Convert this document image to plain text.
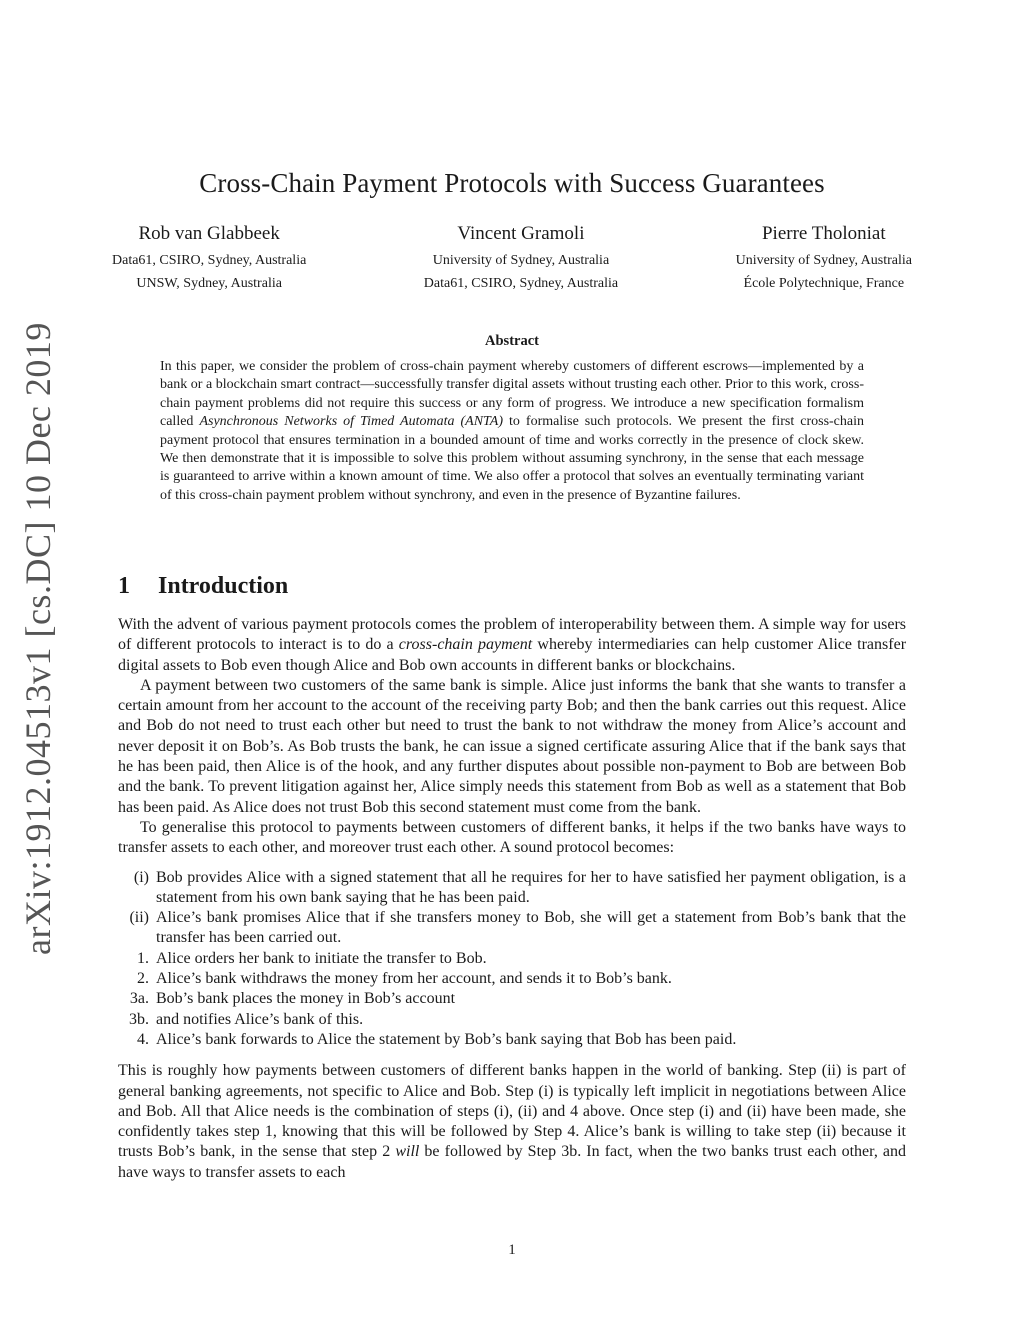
arXiv:1912.04513v1 [cs.DC] 10 Dec 2019
Cross-Chain Payment Protocols with Success Guarantees
Rob van Glabbeek
Data61, CSIRO, Sydney, Australia
UNSW, Sydney, Australia
Vincent Gramoli
University of Sydney, Australia
Data61, CSIRO, Sydney, Australia
Pierre Tholoniat
University of Sydney, Australia
École Polytechnique, France
Abstract
In this paper, we consider the problem of cross-chain payment whereby customers of different escrows—implemented by a bank or a blockchain smart contract—successfully transfer digital assets without trusting each other. Prior to this work, cross-chain payment problems did not require this success or any form of progress. We introduce a new specification formalism called Asynchronous Networks of Timed Automata (ANTA) to formalise such protocols. We present the first cross-chain payment protocol that ensures termination in a bounded amount of time and works correctly in the presence of clock skew. We then demonstrate that it is impossible to solve this problem without assuming synchrony, in the sense that each message is guaranteed to arrive within a known amount of time. We also offer a protocol that solves an eventually terminating variant of this cross-chain payment problem without synchrony, and even in the presence of Byzantine failures.
1	Introduction

With the advent of various payment protocols comes the problem of interoperability between them. A simple way for users of different protocols to interact is to do a cross-chain payment whereby intermediaries can help customer Alice transfer digital assets to Bob even though Alice and Bob own accounts in different banks or blockchains.

A payment between two customers of the same bank is simple. Alice just informs the bank that she wants to transfer a certain amount from her account to the account of the receiving party Bob; and then the bank carries out this request. Alice and Bob do not need to trust each other but need to trust the bank to not withdraw the money from Alice’s account and never deposit it on Bob’s. As Bob trusts the bank, he can issue a signed certificate assuring Alice that if the bank says that he has been paid, then Alice is of the hook, and any further disputes about possible non-payment to Bob are between Bob and the bank. To prevent litigation against her, Alice simply needs this statement from Bob as well as a statement that Bob has been paid. As Alice does not trust Bob this second statement must come from the bank.

To generalise this protocol to payments between customers of different banks, it helps if the two banks have ways to transfer assets to each other, and moreover trust each other. A sound protocol becomes:

(i) Bob provides Alice with a signed statement that all he requires for her to have satisfied her payment obligation, is a statement from his own bank saying that he has been paid.
(ii) Alice’s bank promises Alice that if she transfers money to Bob, she will get a statement from Bob’s bank that the transfer has been carried out.
1. Alice orders her bank to initiate the transfer to Bob.
2. Alice’s bank withdraws the money from her account, and sends it to Bob’s bank.
3a. Bob’s bank places the money in Bob’s account
3b. and notifies Alice’s bank of this.
4. Alice’s bank forwards to Alice the statement by Bob’s bank saying that Bob has been paid.

This is roughly how payments between customers of different banks happen in the world of banking. Step (ii) is part of general banking agreements, not specific to Alice and Bob. Step (i) is typically left implicit in negotiations between Alice and Bob. All that Alice needs is the combination of steps (i), (ii) and 4 above. Once step (i) and (ii) have been made, she confidently takes step 1, knowing that this will be followed by Step 4. Alice’s bank is willing to take step (ii) because it trusts Bob’s bank, in the sense that step 2 will be followed by Step 3b. In fact, when the two banks trust each other, and have ways to transfer assets to each

1
